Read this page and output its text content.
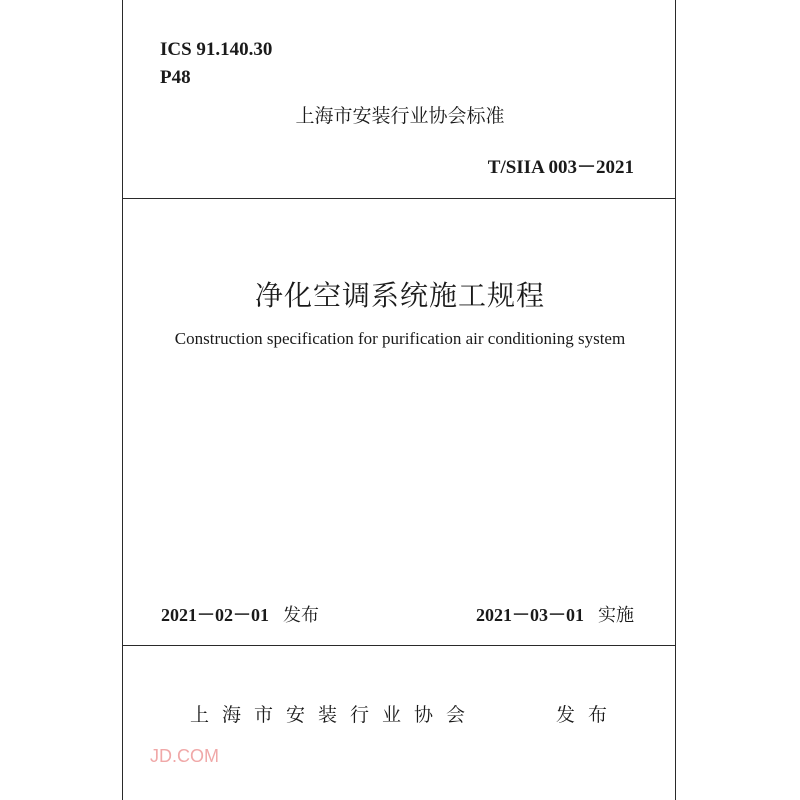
ICS 91.140.30
P48
上海市安装行业协会标准
T/SIIA 003－2021
净化空调系统施工规程
Construction specification for purification air conditioning system
2021－02－01 发布	2021－03－01 实施
上海市安装行业协会	发布
JD.COM
